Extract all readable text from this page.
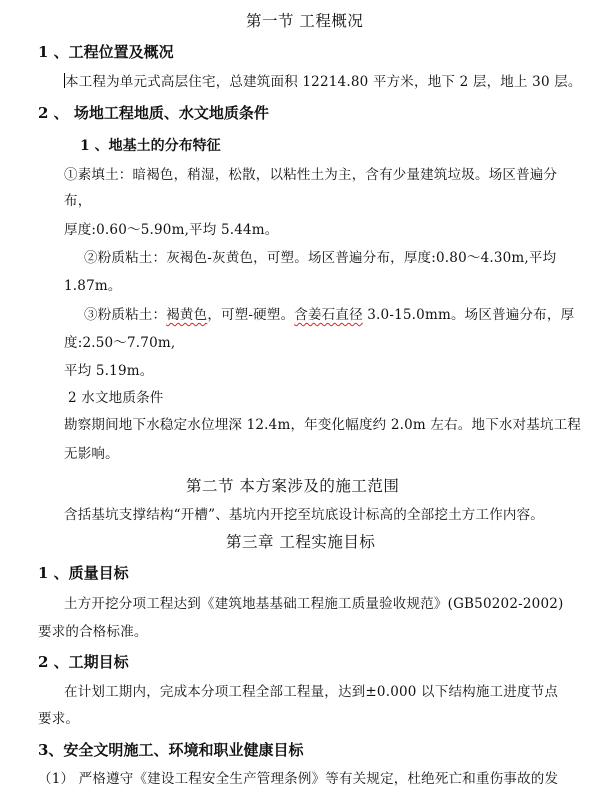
第一节 工程概况
1 、工程位置及概况
本工程为单元式高层住宅，总建筑面积 12214.80 平方米，地下 2 层，地上 30 层。
2 、 场地工程地质、水文地质条件
1 、地基土的分布特征
①素填土：暗褐色，稍湿，松散，以粘性土为主，含有少量建筑垃圾。场区普遍分
布，
厚度:0.60～5.90m,平均 5.44m。
②粉质粘土：灰褐色-灰黄色，可塑。场区普遍分布，厚度:0.80～4.30m,平均
1.87m。
③粉质粘土：褐黄色，可塑-硬塑。含姜石直径 3.0-15.0mm。场区普遍分布，厚
度:2.50～7.70m,
平均 5.19m。
2 水文地质条件
勘察期间地下水稳定水位埋深 12.4m，年变化幅度约 2.0m 左右。地下水对基坑工程
无影响。
第二节 本方案涉及的施工范围
含括基坑支撑结构“开槽”、基坑内开挖至坑底设计标高的全部挖土方工作内容。
第三章 工程实施目标
1 、质量目标
土方开挖分项工程达到《建筑地基基础工程施工质量验收规范》(GB50202-2002)
要求的合格标准。
2 、工期目标
在计划工期内，完成本分项工程全部工程量，达到±0.000 以下结构施工进度节点
要求。
3、安全文明施工、环境和职业健康目标
（1） 严格遵守《建设工程安全生产管理条例》等有关规定，杜绝死亡和重伤事故的发
